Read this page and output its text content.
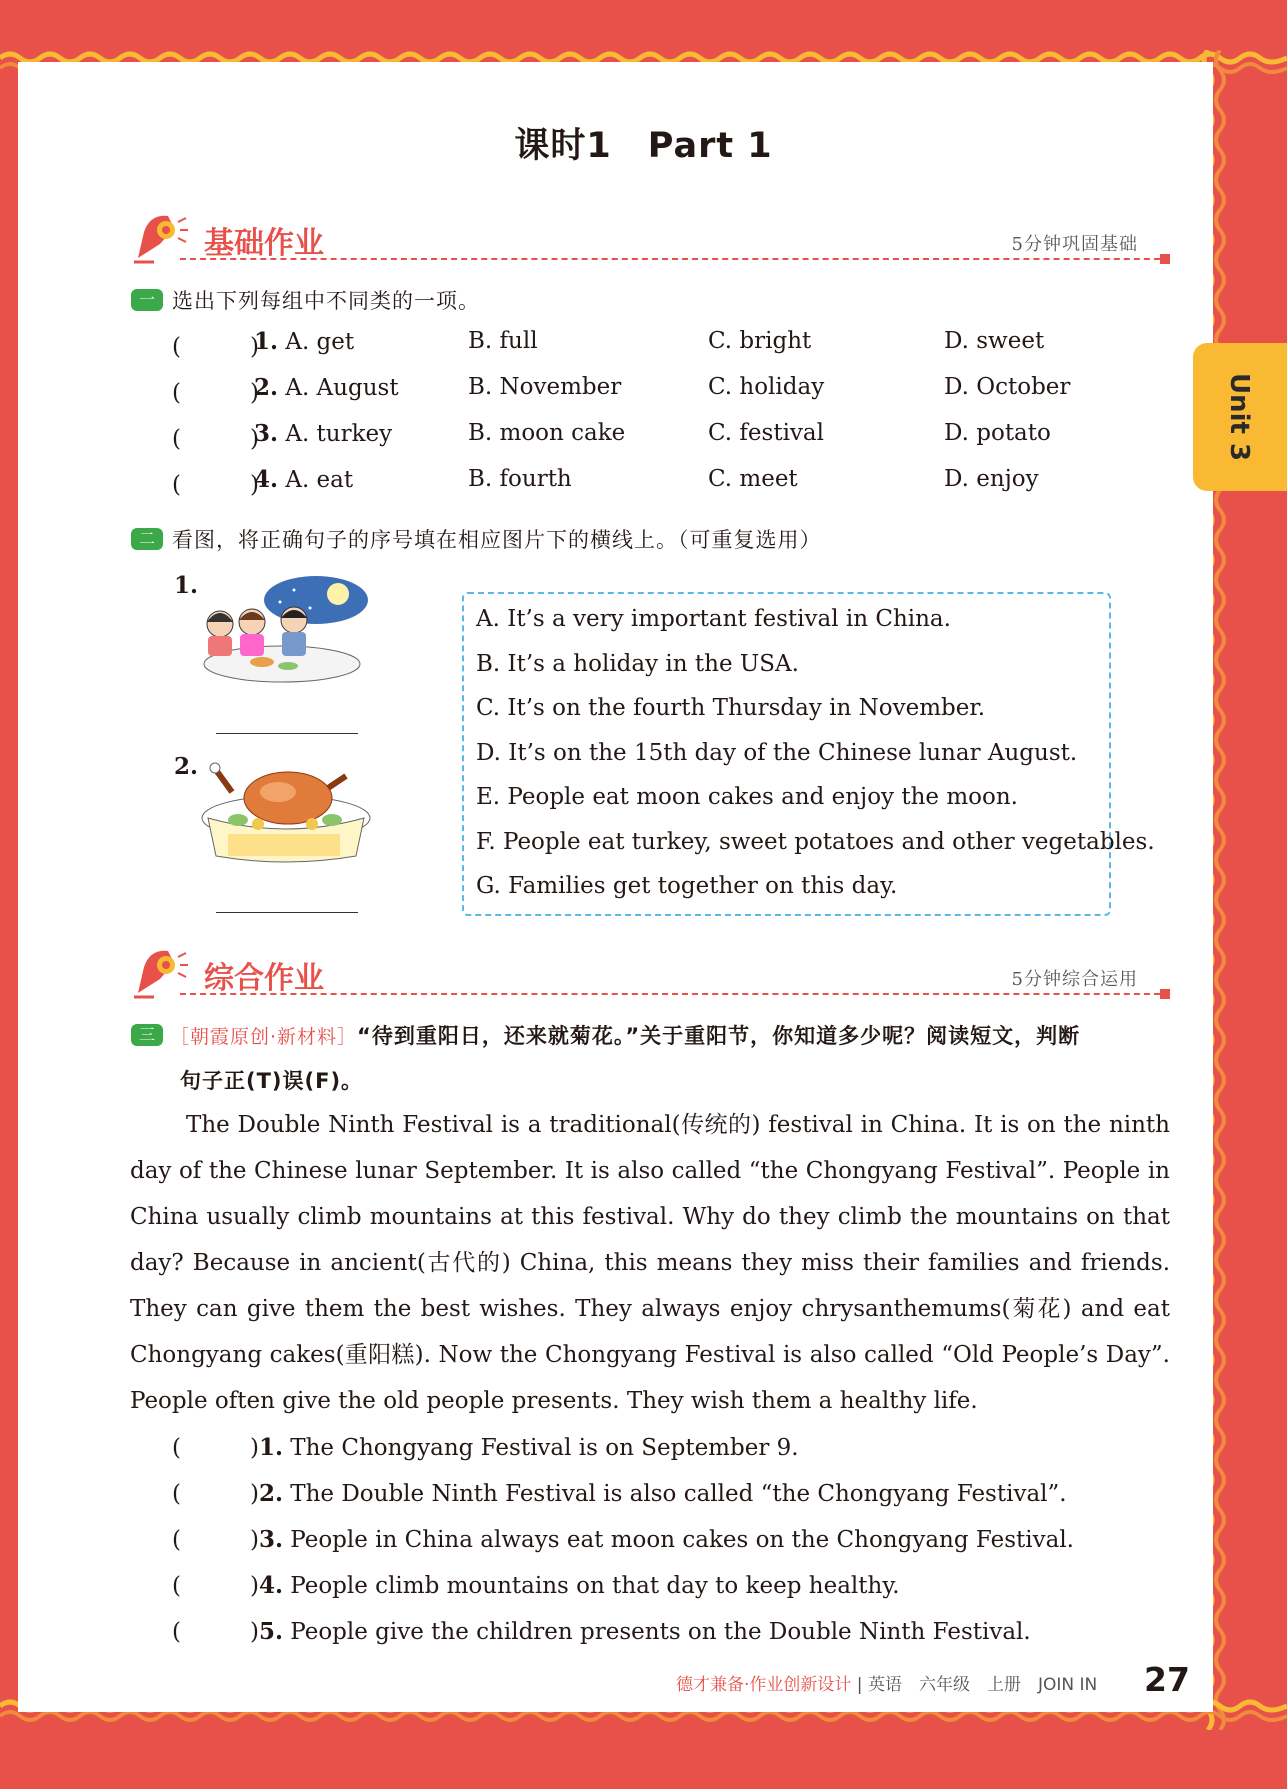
Unit 3
课时1　Part 1
基础作业	5分钟巩固基础
一 选出下列每组中不同类的一项。
(　　　)
1. A. get	B. full	C. bright	D. sweet
(　　　)
2. A. August	B. November	C. holiday	D. October
(　　　)
3. A. turkey	B. moon cake	C. festival	D. potato
(　　　)
4. A. eat	B. fourth	C. meet	D. enjoy
二 看图，将正确句子的序号填在相应图片下的横线上。（可重复选用）
1.
2.
A. It’s a very important festival in China.
B. It’s a holiday in the USA.
C. It’s on the fourth Thursday in November.
D. It’s on the 15th day of the Chinese lunar August.
E. People eat moon cakes and enjoy the moon.
F. People eat turkey, sweet potatoes and other vegetables.
G. Families get together on this day.
综合作业	5分钟综合运用
三 ［朝霞原创·新材料］“待到重阳日，还来就菊花。”关于重阳节，你知道多少呢？阅读短文，判断
句子正(T)误(F)。
The Double Ninth Festival is a traditional(传统的) festival in China. It is on the ninth day of the Chinese lunar September. It is also called “the Chongyang Festival”. People in China usually climb mountains at this festival. Why do they climb the mountains on that day? Because in ancient(古代的) China, this means they miss their families and friends. They can give them the best wishes. They always enjoy chrysanthemums(菊花) and eat Chongyang cakes(重阳糕). Now the Chongyang Festival is also called “Old People’s Day”. People often give the old people presents. They wish them a healthy life.
(　　　)1. The Chongyang Festival is on September 9.
(　　　)2. The Double Ninth Festival is also called “the Chongyang Festival”.
(　　　)3. People in China always eat moon cakes on the Chongyang Festival.
(　　　)4. People climb mountains on that day to keep healthy.
(　　　)5. People give the children presents on the Double Ninth Festival.
德才兼备·作业创新设计 | 英语　六年级　上册　JOIN IN 27
